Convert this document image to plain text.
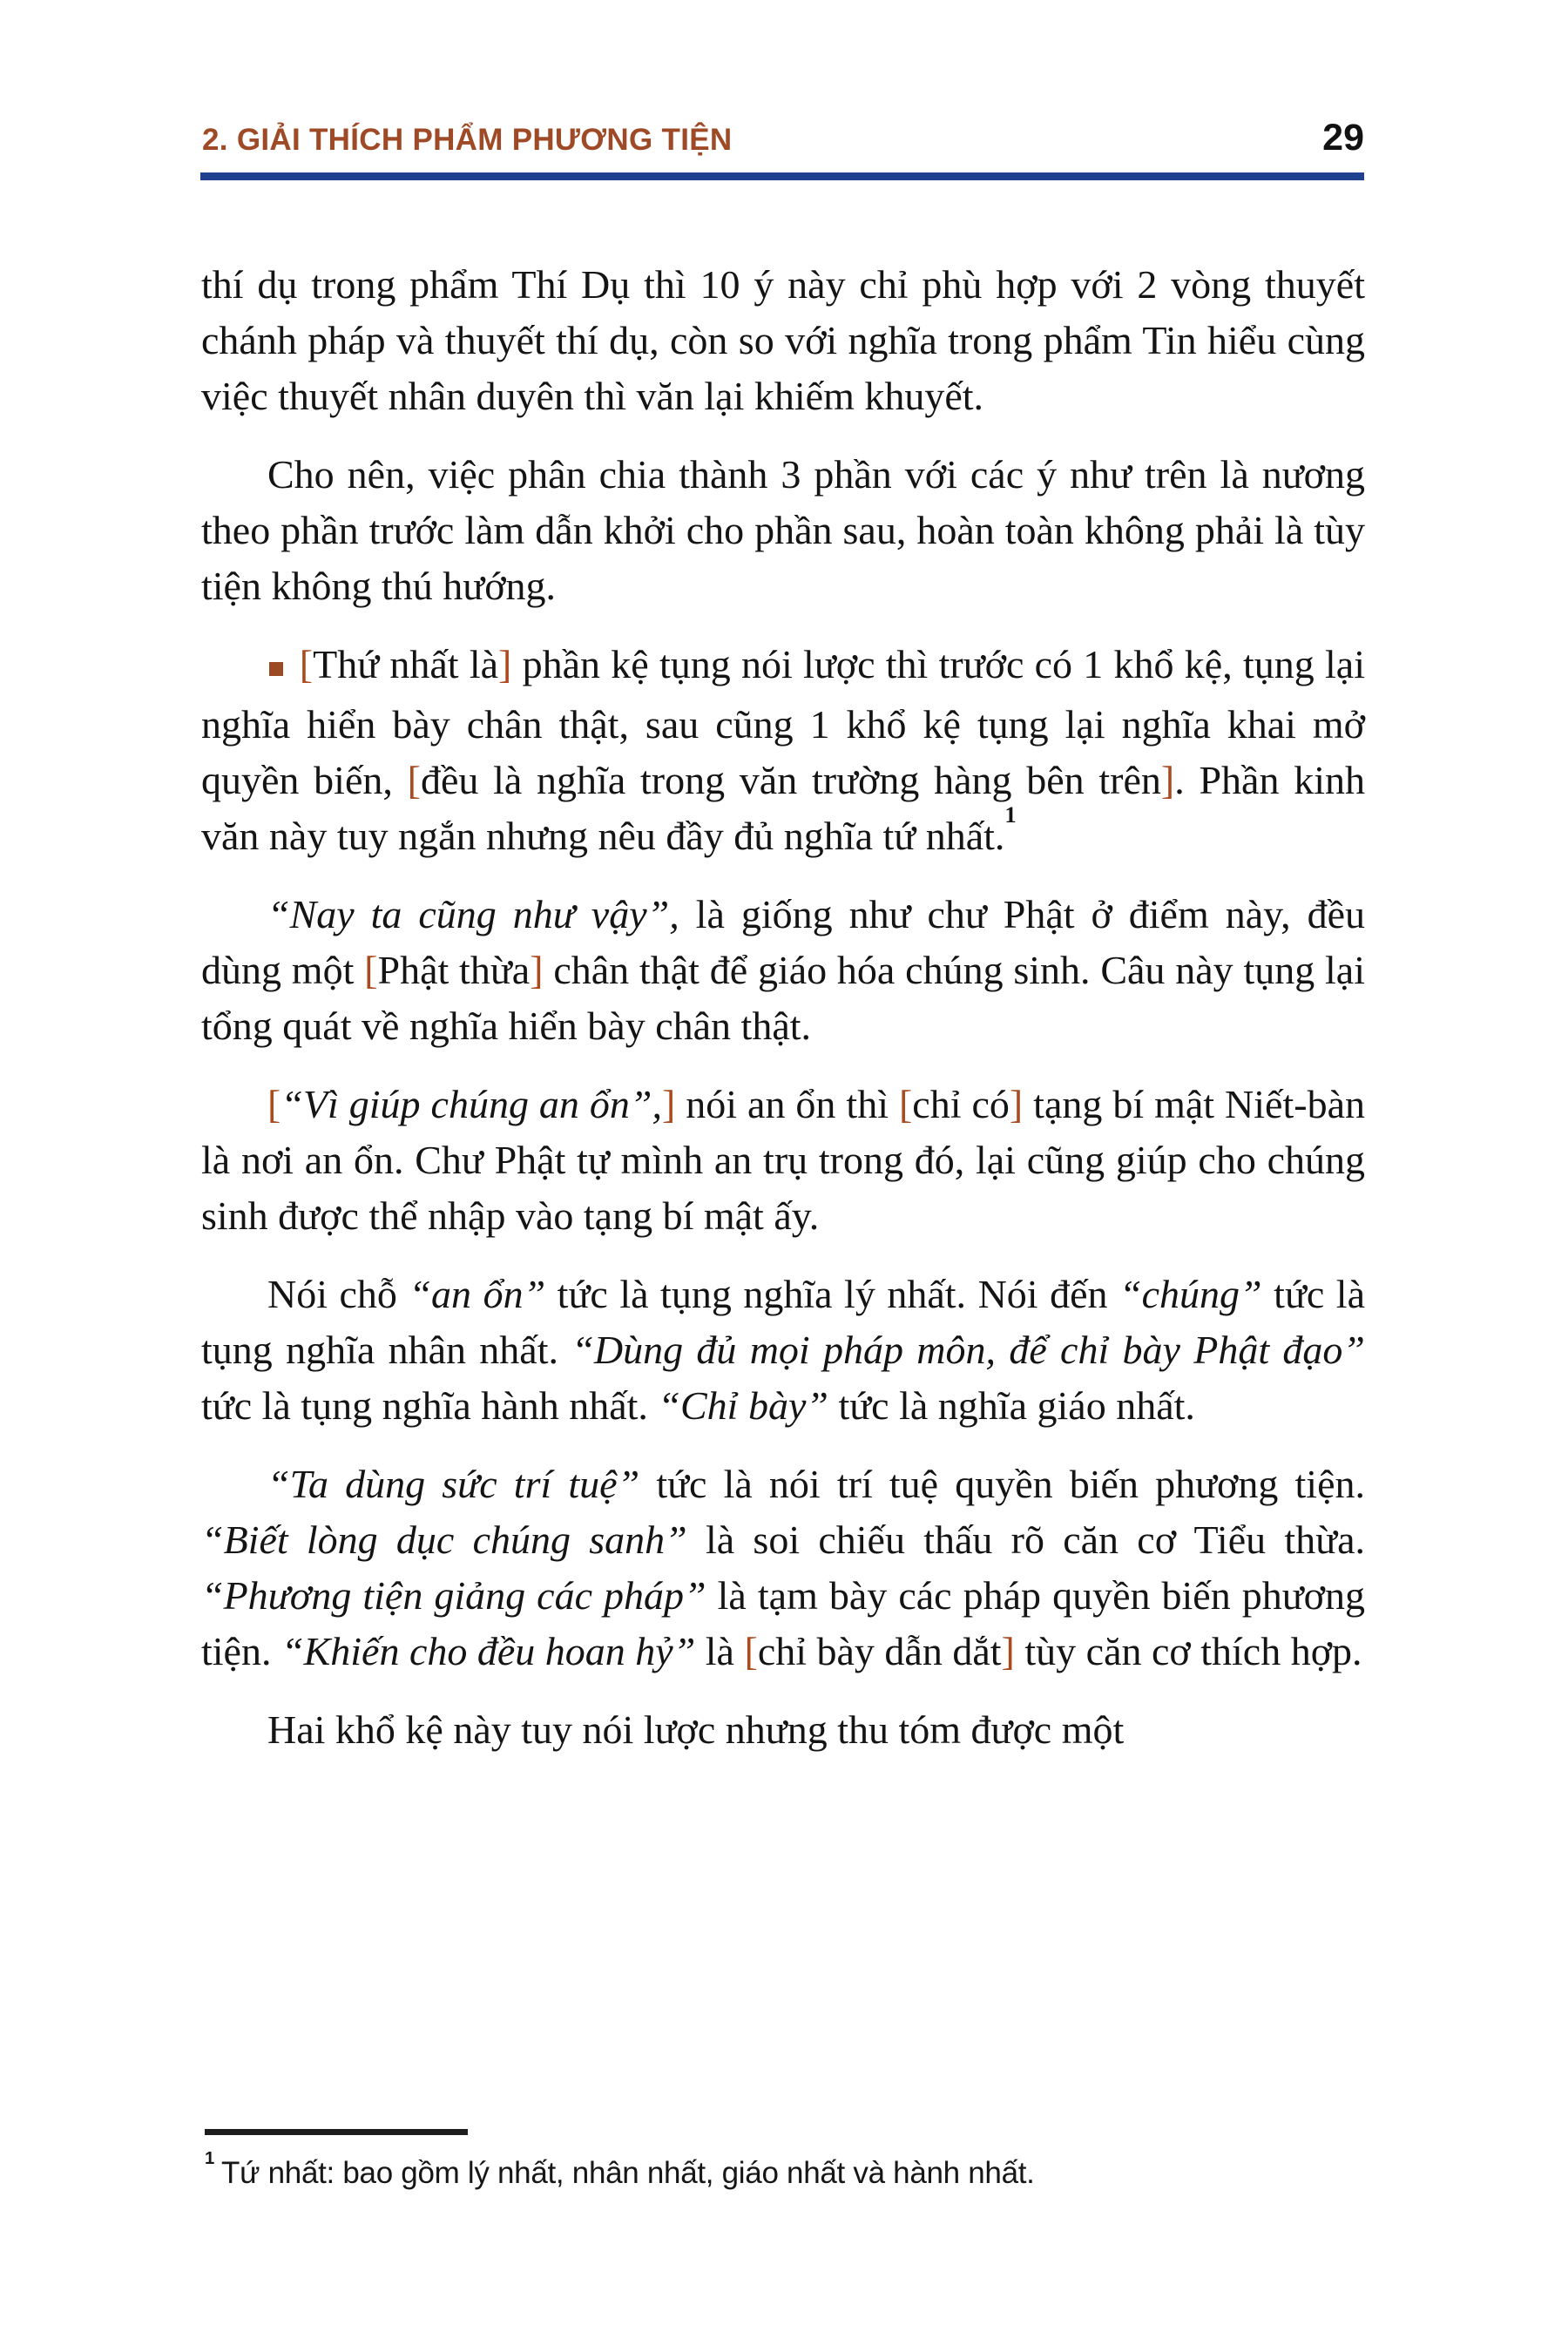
2. GIẢI THÍCH PHẨM PHƯƠNG TIỆN	29

thí dụ trong phẩm Thí Dụ thì 10 ý này chỉ phù hợp với 2 vòng thuyết chánh pháp và thuyết thí dụ, còn so với nghĩa trong phẩm Tin hiểu cùng việc thuyết nhân duyên thì văn lại khiếm khuyết.

Cho nên, việc phân chia thành 3 phần với các ý như trên là nương theo phần trước làm dẫn khởi cho phần sau, hoàn toàn không phải là tùy tiện không thú hướng.

■ [Thứ nhất là] phần kệ tụng nói lược thì trước có 1 khổ kệ, tụng lại nghĩa hiển bày chân thật, sau cũng 1 khổ kệ tụng lại nghĩa khai mở quyền biến, [đều là nghĩa trong văn trường hàng bên trên]. Phần kinh văn này tuy ngắn nhưng nêu đầy đủ nghĩa tứ nhất.$^1$

“Nay ta cũng như vậy”, là giống như chư Phật ở điểm này, đều dùng một [Phật thừa] chân thật để giáo hóa chúng sinh. Câu này tụng lại tổng quát về nghĩa hiển bày chân thật.

[“Vì giúp chúng an ổn”,] nói an ổn thì [chỉ có] tạng bí mật Niết-bàn là nơi an ổn. Chư Phật tự mình an trụ trong đó, lại cũng giúp cho chúng sinh được thể nhập vào tạng bí mật ấy.

Nói chỗ “an ổn” tức là tụng nghĩa lý nhất. Nói đến “chúng” tức là tụng nghĩa nhân nhất. “Dùng đủ mọi pháp môn, để chỉ bày Phật đạo” tức là tụng nghĩa hành nhất. “Chỉ bày” tức là nghĩa giáo nhất.

“Ta dùng sức trí tuệ” tức là nói trí tuệ quyền biến phương tiện. “Biết lòng dục chúng sanh” là soi chiếu thấu rõ căn cơ Tiểu thừa. “Phương tiện giảng các pháp” là tạm bày các pháp quyền biến phương tiện. “Khiến cho đều hoan hỷ” là [chỉ bày dẫn dắt] tùy căn cơ thích hợp.

Hai khổ kệ này tuy nói lược nhưng thu tóm được một

$^1$ Tứ nhất: bao gồm lý nhất, nhân nhất, giáo nhất và hành nhất.
